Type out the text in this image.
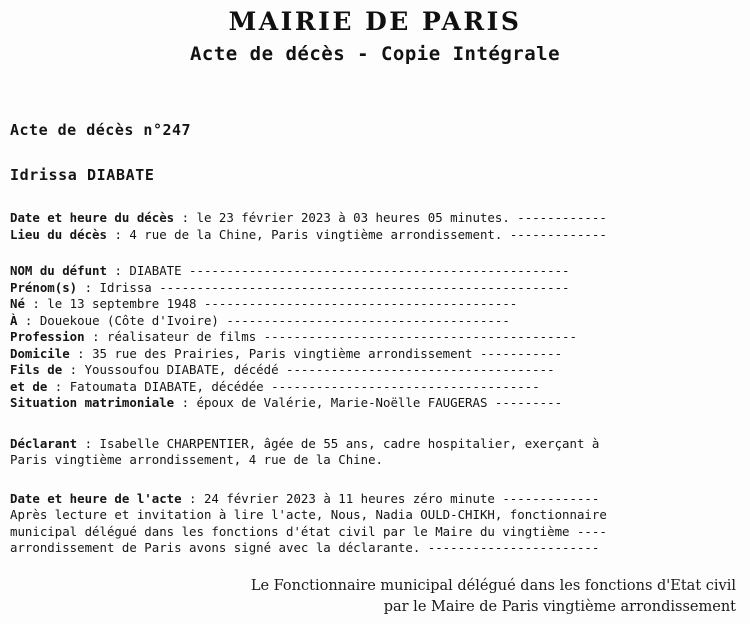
MAIRIE DE PARIS
Acte de décès - Copie Intégrale
Acte de décès n°247
Idrissa DIABATE
Date et heure du décès : le 23 février 2023 à 03 heures 05 minutes. ------------
Lieu du décès : 4 rue de la Chine, Paris vingtième arrondissement. -------------
NOM du défunt : DIABATE ---------------------------------------------------
Prénom(s) : Idrissa -------------------------------------------------------
Né : le 13 septembre 1948 ------------------------------------------
À : Douekoue (Côte d'Ivoire) --------------------------------------
Profession : réalisateur de films ------------------------------------------
Domicile : 35 rue des Prairies, Paris vingtième arrondissement -----------
Fils de : Youssoufou DIABATE, décédé ------------------------------------
et de : Fatoumata DIABATE, décédée ------------------------------------
Situation matrimoniale : époux de Valérie, Marie-Noëlle FAUGERAS ---------
Déclarant : Isabelle CHARPENTIER, âgée de 55 ans, cadre hospitalier, exerçant à
Paris vingtième arrondissement, 4 rue de la Chine.
Date et heure de l'acte : 24 février 2023 à 11 heures zéro minute -------------
Après lecture et invitation à lire l'acte, Nous, Nadia OULD-CHIKH, fonctionnaire
municipal délégué dans les fonctions d'état civil par le Maire du vingtième ----
arrondissement de Paris avons signé avec la déclarante. -----------------------
Le Fonctionnaire municipal délégué dans les fonctions d'Etat civil
par le Maire de Paris vingtième arrondissement
